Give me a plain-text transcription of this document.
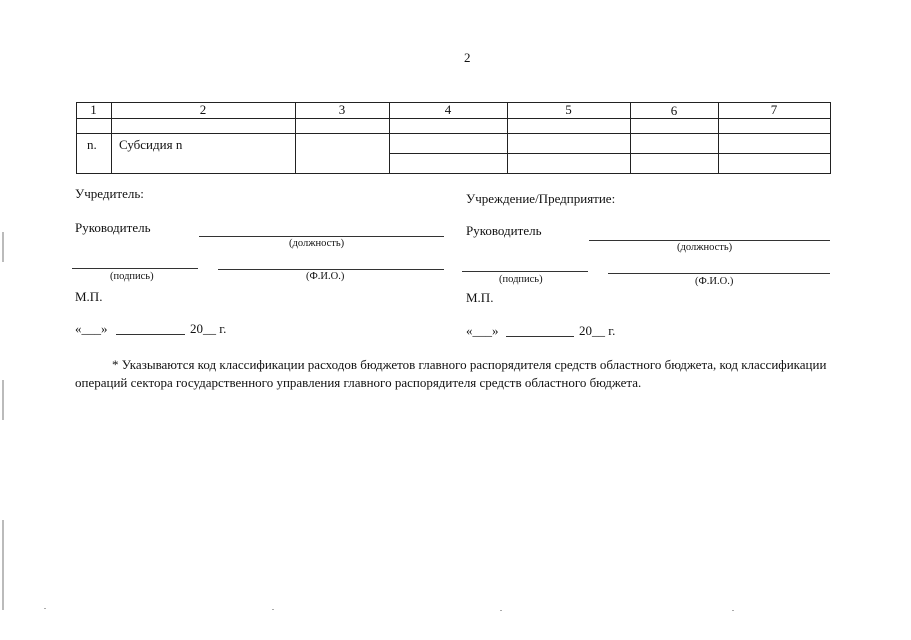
2
1	2	3	4	5	6	7
n. Субсидия n
Учредитель:
Руководитель
(должность)
(подпись)	(Ф.И.О.)
М.П.
«___»	20__ г.
Учреждение/Предприятие:
Руководитель
(должность)
(подпись)	(Ф.И.О.)
М.П.
«___»	20__ г.
* Указываются код классификации расходов бюджетов главного распорядителя средств областного бюджета, код классификации операций сектора государственного управления главного распорядителя средств областного бюджета.
